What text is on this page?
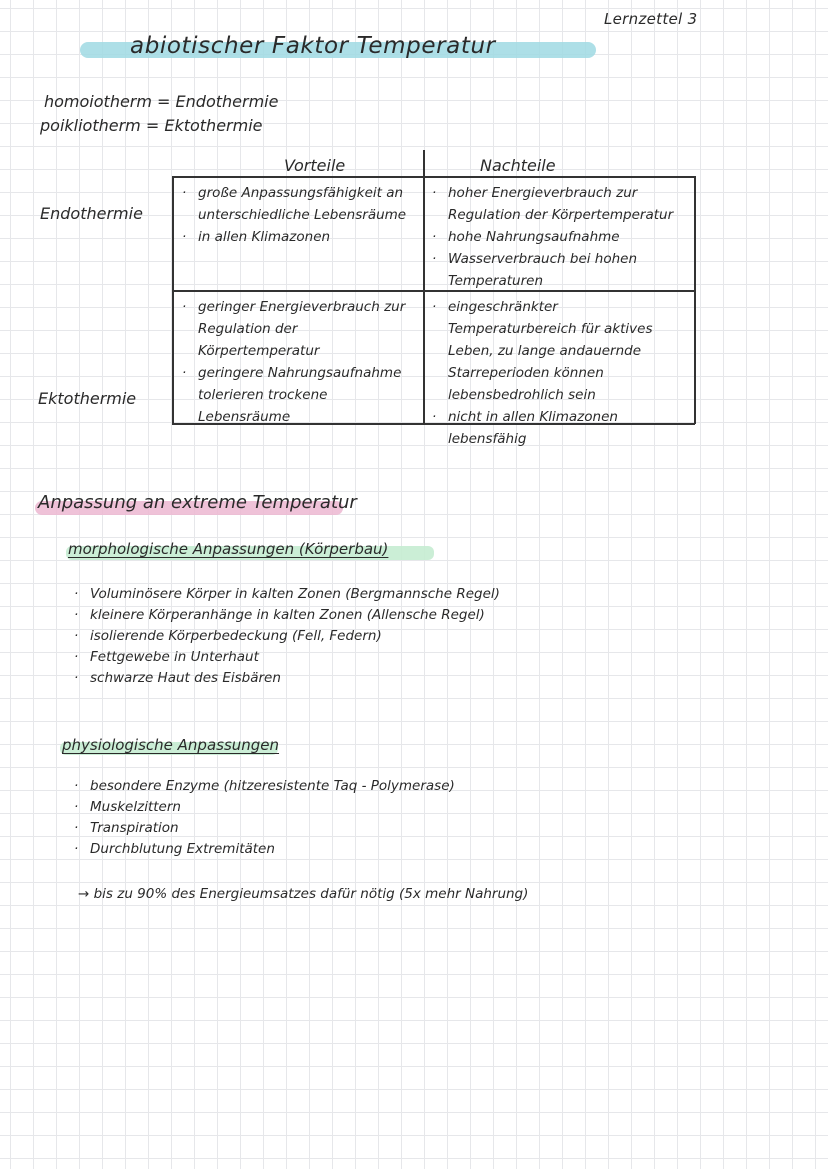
Lernzettel 3
abiotischer Faktor Temperatur
homoiotherm = Endothermie
poikliotherm = Ektothermie
Vorteile	Nachteile
Endothermie
Ektothermie
· große Anpassungsfähigkeit an unterschiedliche Lebensräume
· in allen Klimazonen
· hoher Energieverbrauch zur Regulation der Körpertemperatur
· hohe Nahrungsaufnahme
· Wasserverbrauch bei hohen Temperaturen
· geringer Energieverbrauch zur Regulation der Körpertemperatur
· geringere Nahrungsaufnahme tolerieren trockene Lebensräume
· eingeschränkter Temperaturbereich für aktives Leben, zu lange andauernde Starreperioden können lebensbedrohlich sein
· nicht in allen Klimazonen lebensfähig
Anpassung an extreme Temperatur
morphologische Anpassungen (Körperbau)
· Voluminösere Körper in kalten Zonen (Bergmannsche Regel)
· kleinere Körperanhänge in kalten Zonen (Allensche Regel)
· isolierende Körperbedeckung (Fell, Federn)
· Fettgewebe in Unterhaut
· schwarze Haut des Eisbären
physiologische Anpassungen
· besondere Enzyme (hitzeresistente Taq - Polymerase)
· Muskelzittern
· Transpiration
· Durchblutung Extremitäten
→ bis zu 90% des Energieumsatzes dafür nötig (5x mehr Nahrung)
